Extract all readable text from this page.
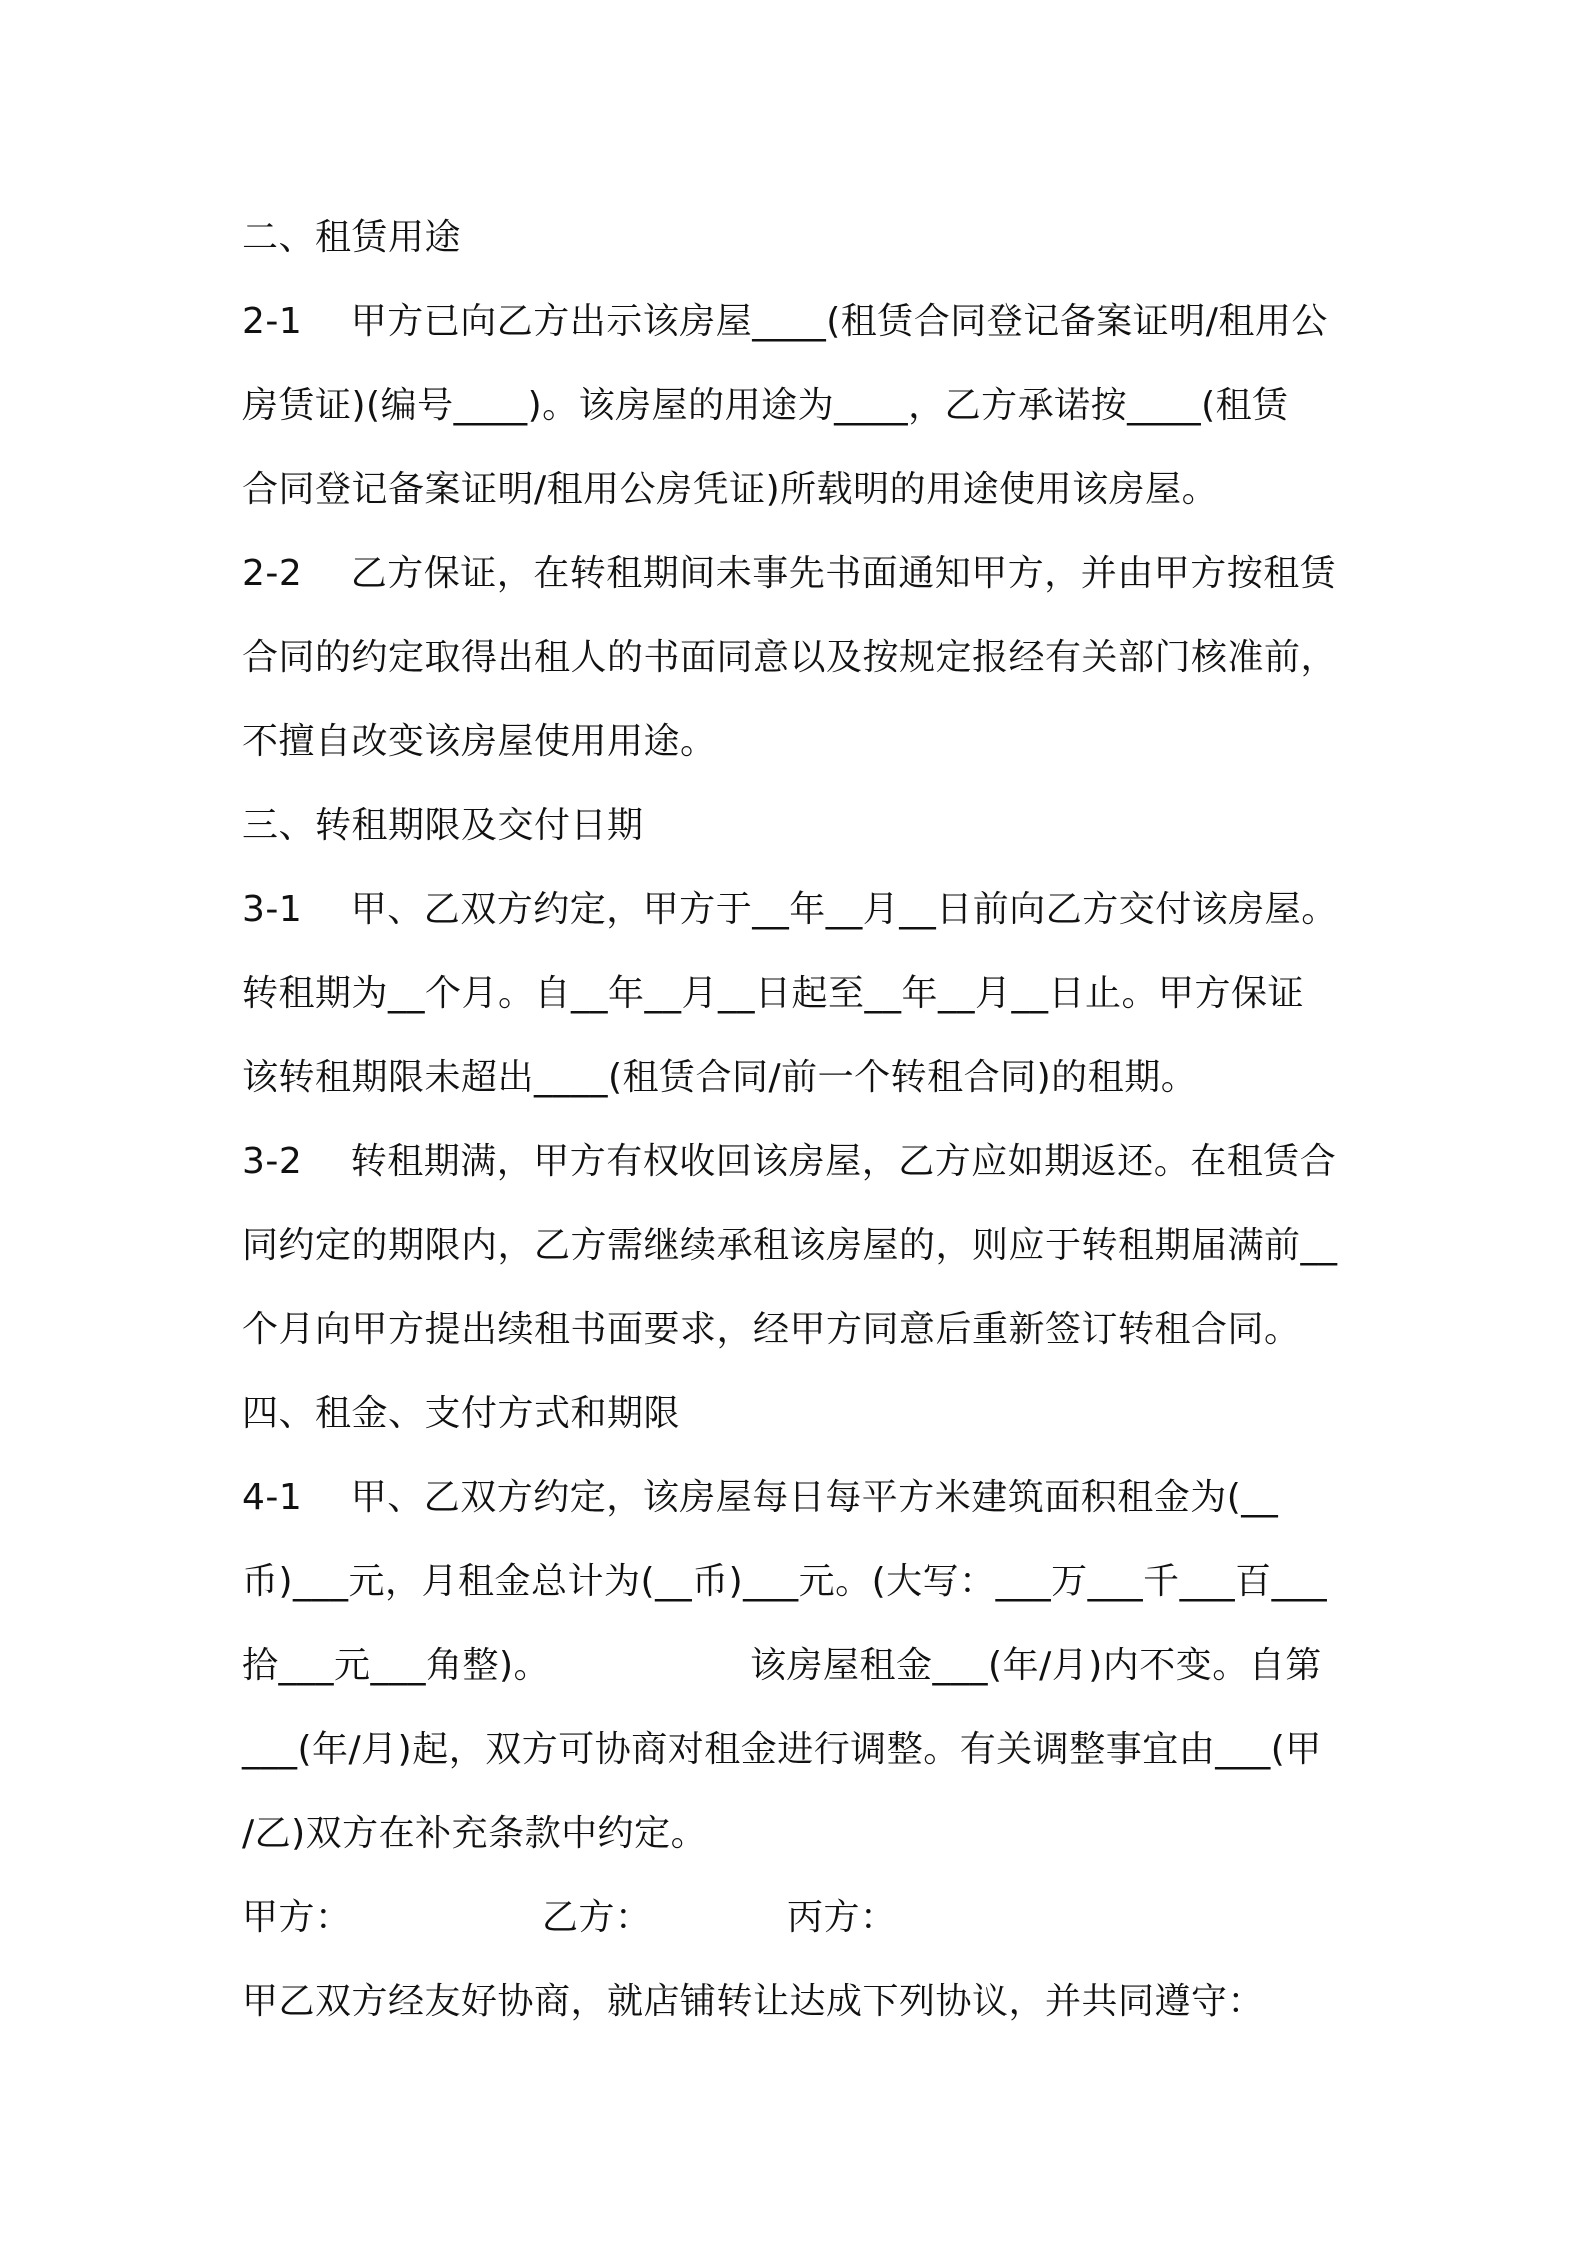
二、租赁用途
2-1　 甲方已向乙方出示该房屋____(租赁合同登记备案证明/租用公
房赁证)(编号____)。该房屋的用途为____，乙方承诺按____(租赁
合同登记备案证明/租用公房凭证)所载明的用途使用该房屋。
2-2　 乙方保证，在转租期间未事先书面通知甲方，并由甲方按租赁
合同的约定取得出租人的书面同意以及按规定报经有关部门核准前，
不擅自改变该房屋使用用途。
三、转租期限及交付日期
3-1　 甲、乙双方约定，甲方于__年__月__日前向乙方交付该房屋。
转租期为__个月。自__年__月__日起至__年__月__日止。甲方保证
该转租期限未超出____(租赁合同/前一个转租合同)的租期。
3-2　 转租期满，甲方有权收回该房屋，乙方应如期返还。在租赁合
同约定的期限内，乙方需继续承租该房屋的，则应于转租期届满前__
个月向甲方提出续租书面要求，经甲方同意后重新签订转租合同。
四、租金、支付方式和期限
4-1　 甲、乙双方约定，该房屋每日每平方米建筑面积租金为(__
币)___元，月租金总计为(__币)___元。(大写：___万___千___百___
拾___元___角整)。	该房屋租金___(年/月)内不变。自第
___(年/月)起，双方可协商对租金进行调整。有关调整事宜由___(甲
/乙)双方在补充条款中约定。
甲方：	乙方：	丙方：
甲乙双方经友好协商，就店铺转让达成下列协议，并共同遵守：
